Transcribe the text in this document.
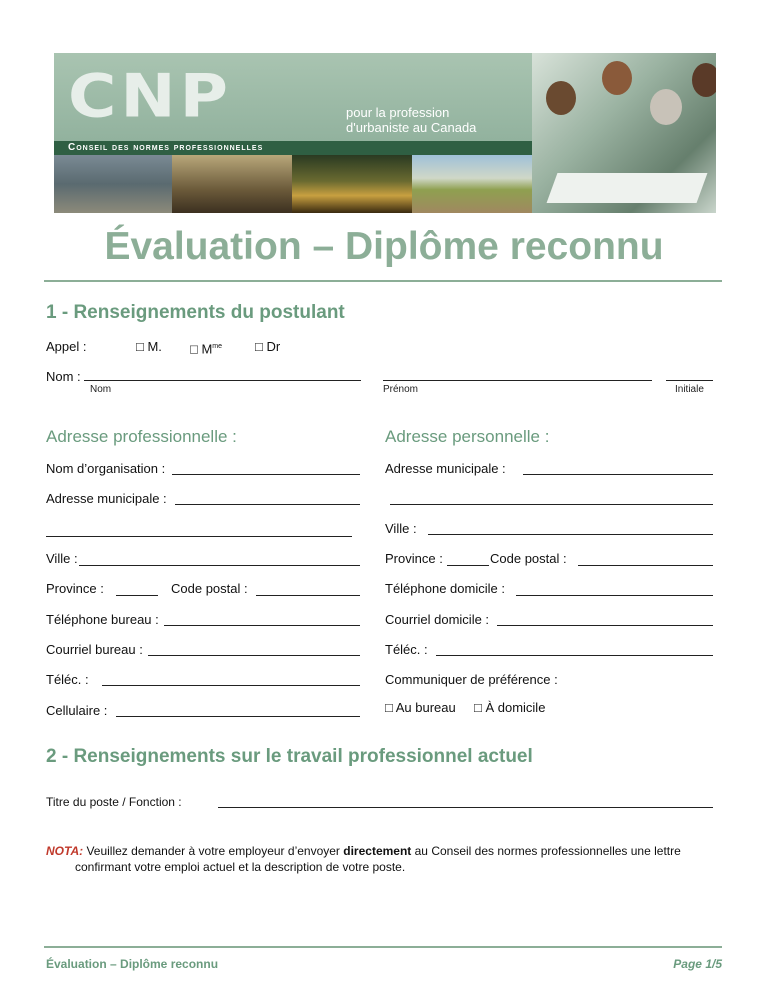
CNP	pour la profession
d'urbaniste au Canada
Conseil des normes professionnelles
Évaluation – Diplôme reconnu
1 - Renseignements du postulant
Appel :	□ M. □ $M^{me}$	□ Dr
Nom :
Nom	Prénom	Initiale
Adresse professionnelle :
Nom d’organisation :
Adresse municipale :
Ville :
Province :	Code postal :
Téléphone bureau :
Courriel bureau :
Téléc. :
Cellulaire :
Adresse personnelle :
Adresse municipale :
Ville :
Province :	Code postal :
Téléphone domicile :
Courriel domicile :
Téléc. :
Communiquer de préférence :
□ Au bureau □ À domicile
2 - Renseignements sur le travail professionnel actuel
Titre du poste / Fonction :
NOTA: Veuillez demander à votre employeur d’envoyer directement au Conseil des normes professionnelles une lettre
confirmant votre emploi actuel et la description de votre poste.
Évaluation – Diplôme reconnu	Page 1/5
